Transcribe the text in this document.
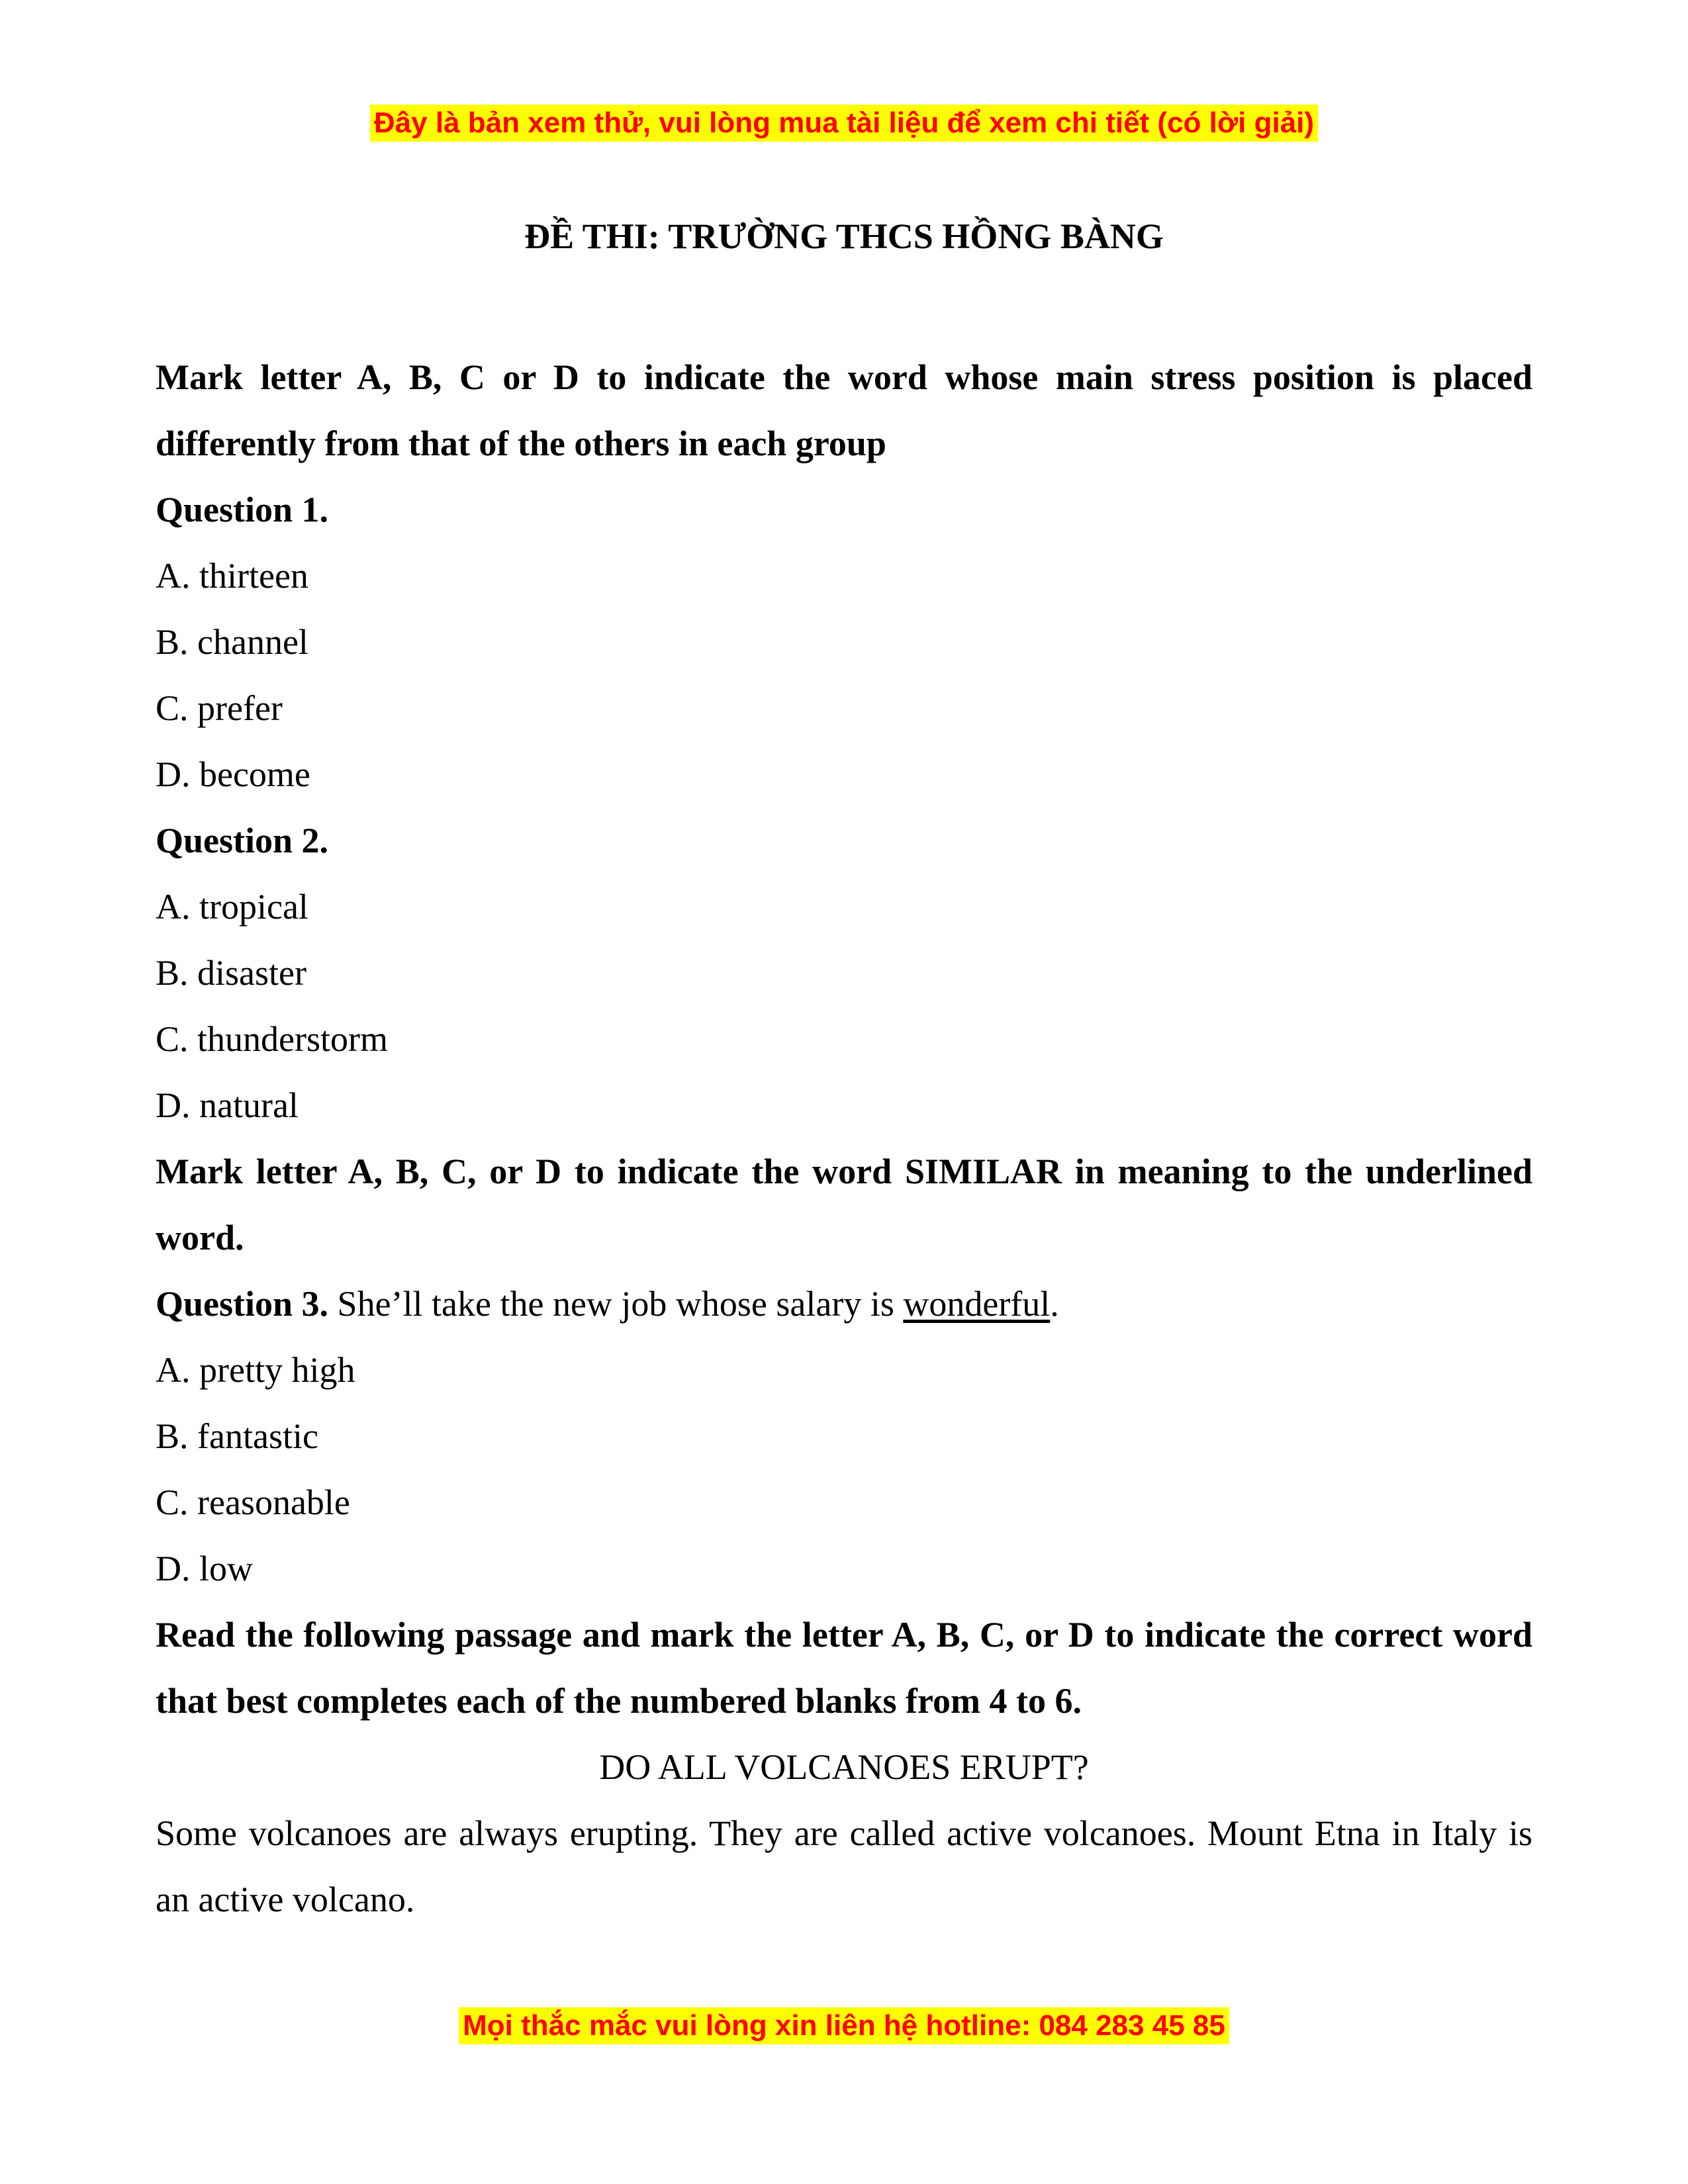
Đây là bản xem thử, vui lòng mua tài liệu để xem chi tiết (có lời giải)
ĐỀ THI: TRƯỜNG THCS HỒNG BÀNG

Mark letter A, B, C or D to indicate the word whose main stress position is placed differently from that of the others in each group

Question 1.

A. thirteen

B. channel

C. prefer

D. become

Question 2.

A. tropical

B. disaster

C. thunderstorm

D. natural

Mark letter A, B, C, or D to indicate the word SIMILAR in meaning to the underlined word.

Question 3. She’ll take the new job whose salary is wonderful.

A. pretty high

B. fantastic

C. reasonable

D. low

Read the following passage and mark the letter A, B, C, or D to indicate the correct word that best completes each of the numbered blanks from 4 to 6.

DO ALL VOLCANOES ERUPT?

Some volcanoes are always erupting. They are called active volcanoes. Mount Etna in Italy is an active volcano.

Mọi thắc mắc vui lòng xin liên hệ hotline: 084 283 45 85
